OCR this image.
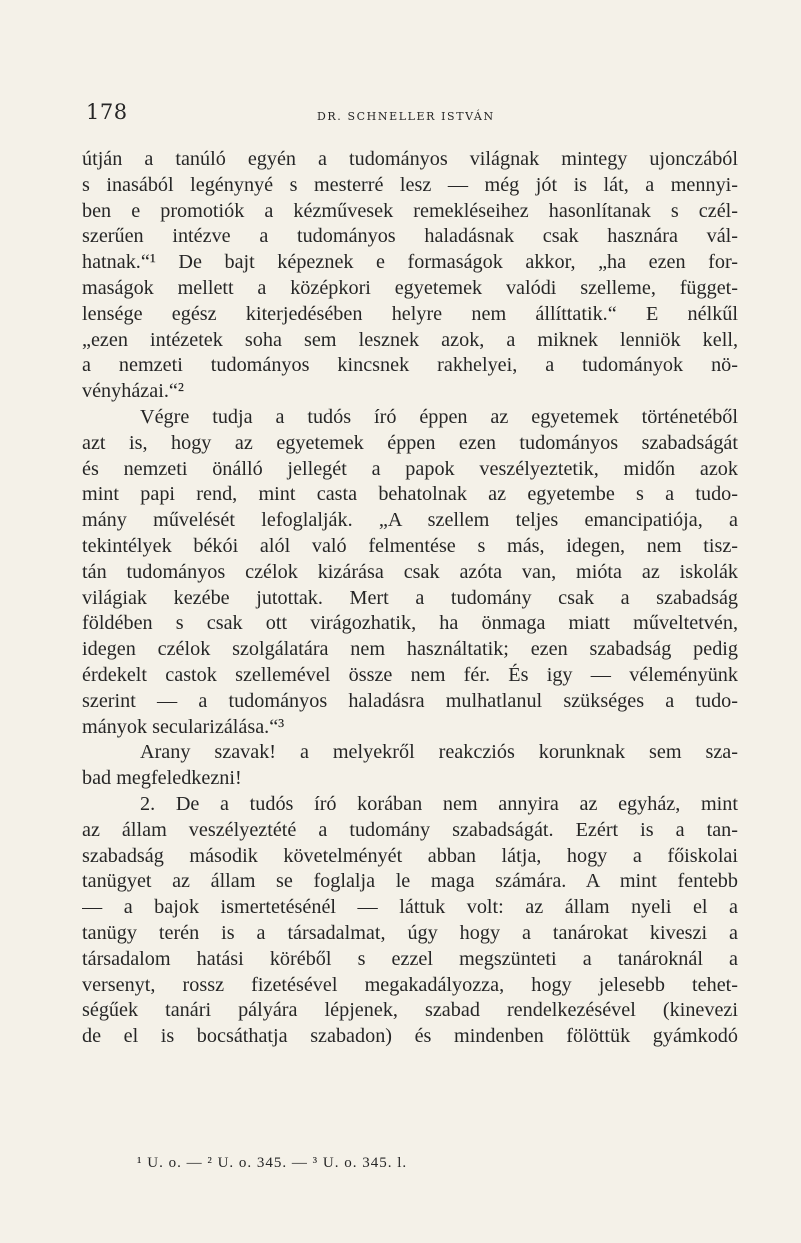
178	DR. SCHNELLER ISTVÁN
útján a tanúló egyén a tudományos világnak mintegy ujonczából
s inasából legénynyé s mesterré lesz — még jót is lát, a mennyi-
ben e promotiók a kézművesek remekléseihez hasonlítanak s czél-
szerűen intézve a tudományos haladásnak csak hasznára vál-
hatnak.“¹ De bajt képeznek e formaságok akkor, „ha ezen for-
maságok mellett a középkori egyetemek valódi szelleme, függet-
lensége egész kiterjedésében helyre nem állíttatik.“ E nélkűl
„ezen intézetek soha sem lesznek azok, a miknek lenniök kell,
a nemzeti tudományos kincsnek rakhelyei, a tudományok nö-
vényházai.“²
Végre tudja a tudós író éppen az egyetemek történetéből
azt is, hogy az egyetemek éppen ezen tudományos szabadságát
és nemzeti önálló jellegét a papok veszélyeztetik, midőn azok
mint papi rend, mint casta behatolnak az egyetembe s a tudo-
mány művelését lefoglalják. „A szellem teljes emancipatiója, a
tekintélyek békói alól való felmentése s más, idegen, nem tisz-
tán tudományos czélok kizárása csak azóta van, mióta az iskolák
világiak kezébe jutottak. Mert a tudomány csak a szabadság
földében s csak ott virágozhatik, ha önmaga miatt műveltetvén,
idegen czélok szolgálatára nem használtatik; ezen szabadság pedig
érdekelt castok szellemével össze nem fér. És igy — véleményünk
szerint — a tudományos haladásra mulhatlanul szükséges a tudo-
mányok secularizálása.“³
Arany szavak! a melyekről reakcziós korunknak sem sza-
bad megfeledkezni!
2. De a tudós író korában nem annyira az egyház, mint
az állam veszélyeztété a tudomány szabadságát. Ezért is a tan-
szabadság második követelményét abban látja, hogy a főiskolai
tanügyet az állam se foglalja le maga számára. A mint fentebb
— a bajok ismertetésénél — láttuk volt: az állam nyeli el a
tanügy terén is a társadalmat, úgy hogy a tanárokat kiveszi a
társadalom hatási köréből s ezzel megszünteti a tanároknál a
versenyt, rossz fizetésével megakadályozza, hogy jelesebb tehet-
ségűek tanári pályára lépjenek, szabad rendelkezésével (kinevezi
de el is bocsáthatja szabadon) és mindenben fölöttük gyámkodó
¹ U. o. — ² U. o. 345. — ³ U. o. 345. l.
